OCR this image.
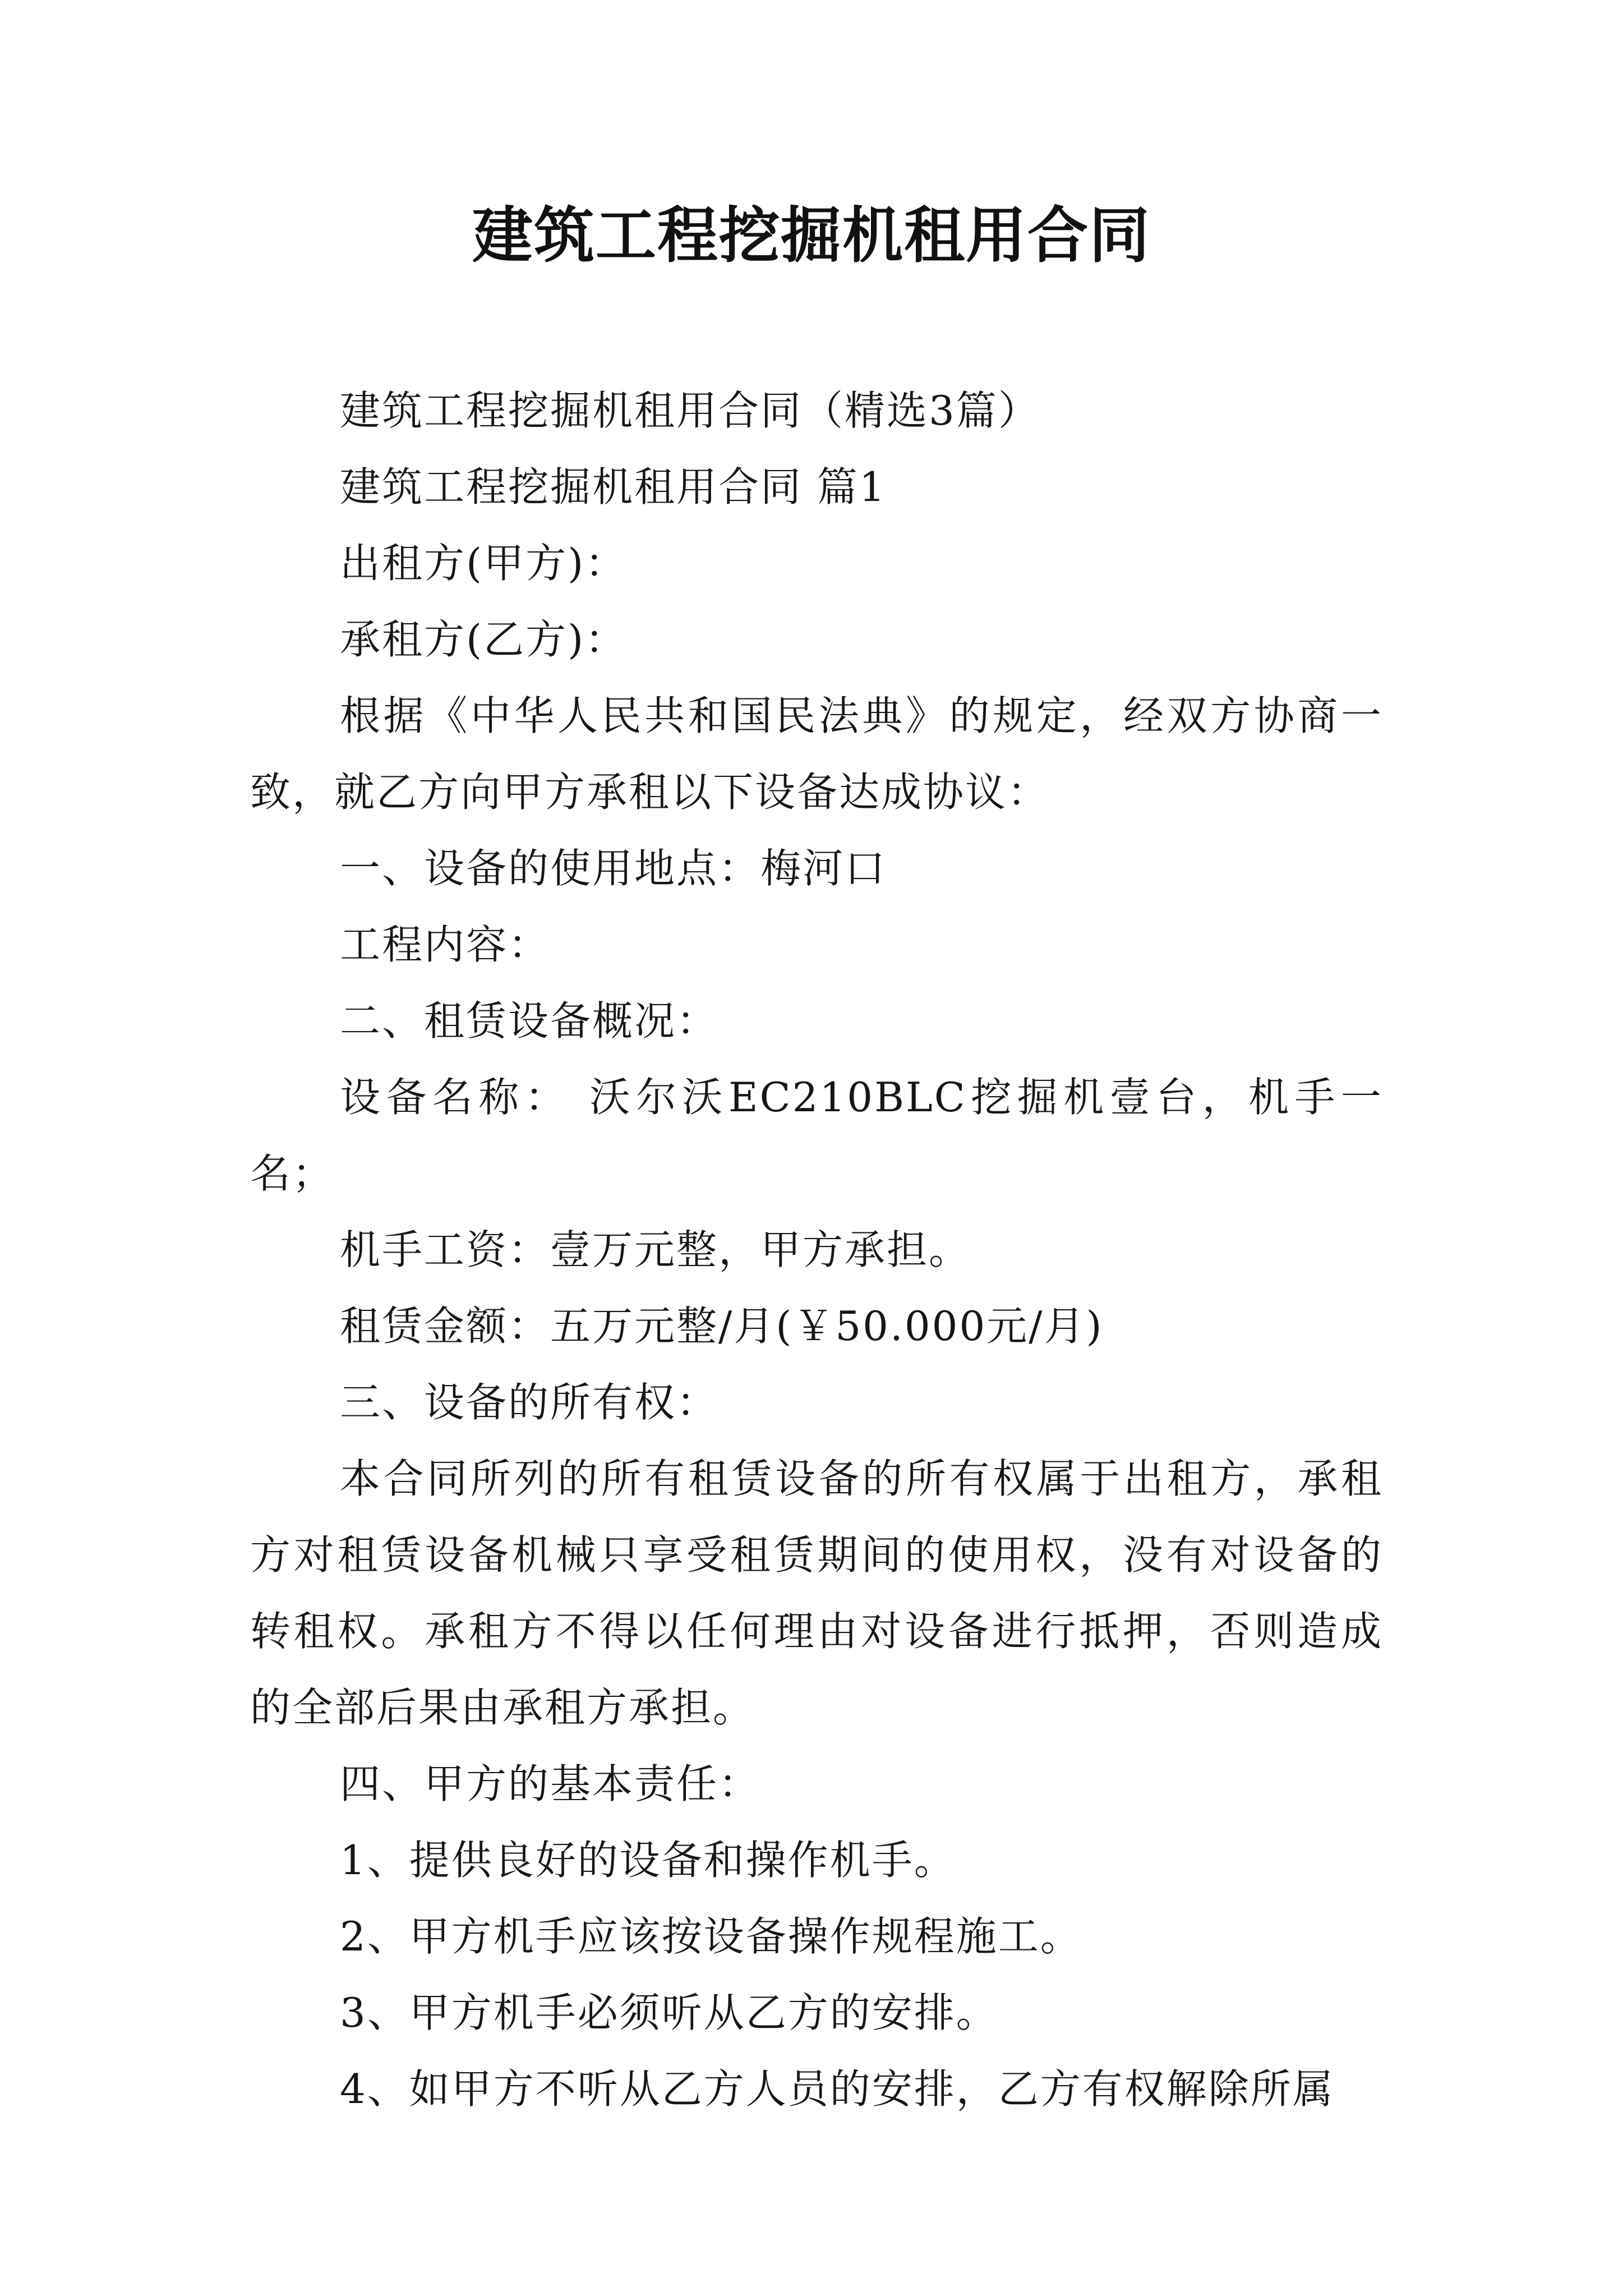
建筑工程挖掘机租用合同

建筑工程挖掘机租用合同（精选3篇）

建筑工程挖掘机租用合同 篇1

出租方(甲方)：

承租方(乙方)：

根据《中华人民共和国民法典》的规定，经双方协商一致，就乙方向甲方承租以下设备达成协议：

一、设备的使用地点：梅河口

工程内容：

二、租赁设备概况：

设备名称： 沃尔沃EC210BLC挖掘机壹台，机手一名；

机手工资：壹万元整，甲方承担。

租赁金额：五万元整/月(￥50.000元/月)

三、设备的所有权：

本合同所列的所有租赁设备的所有权属于出租方，承租方对租赁设备机械只享受租赁期间的使用权，没有对设备的转租权。承租方不得以任何理由对设备进行抵押，否则造成的全部后果由承租方承担。

四、甲方的基本责任：

1、提供良好的设备和操作机手。

2、甲方机手应该按设备操作规程施工。

3、甲方机手必须听从乙方的安排。

4、如甲方不听从乙方人员的安排，乙方有权解除所属
